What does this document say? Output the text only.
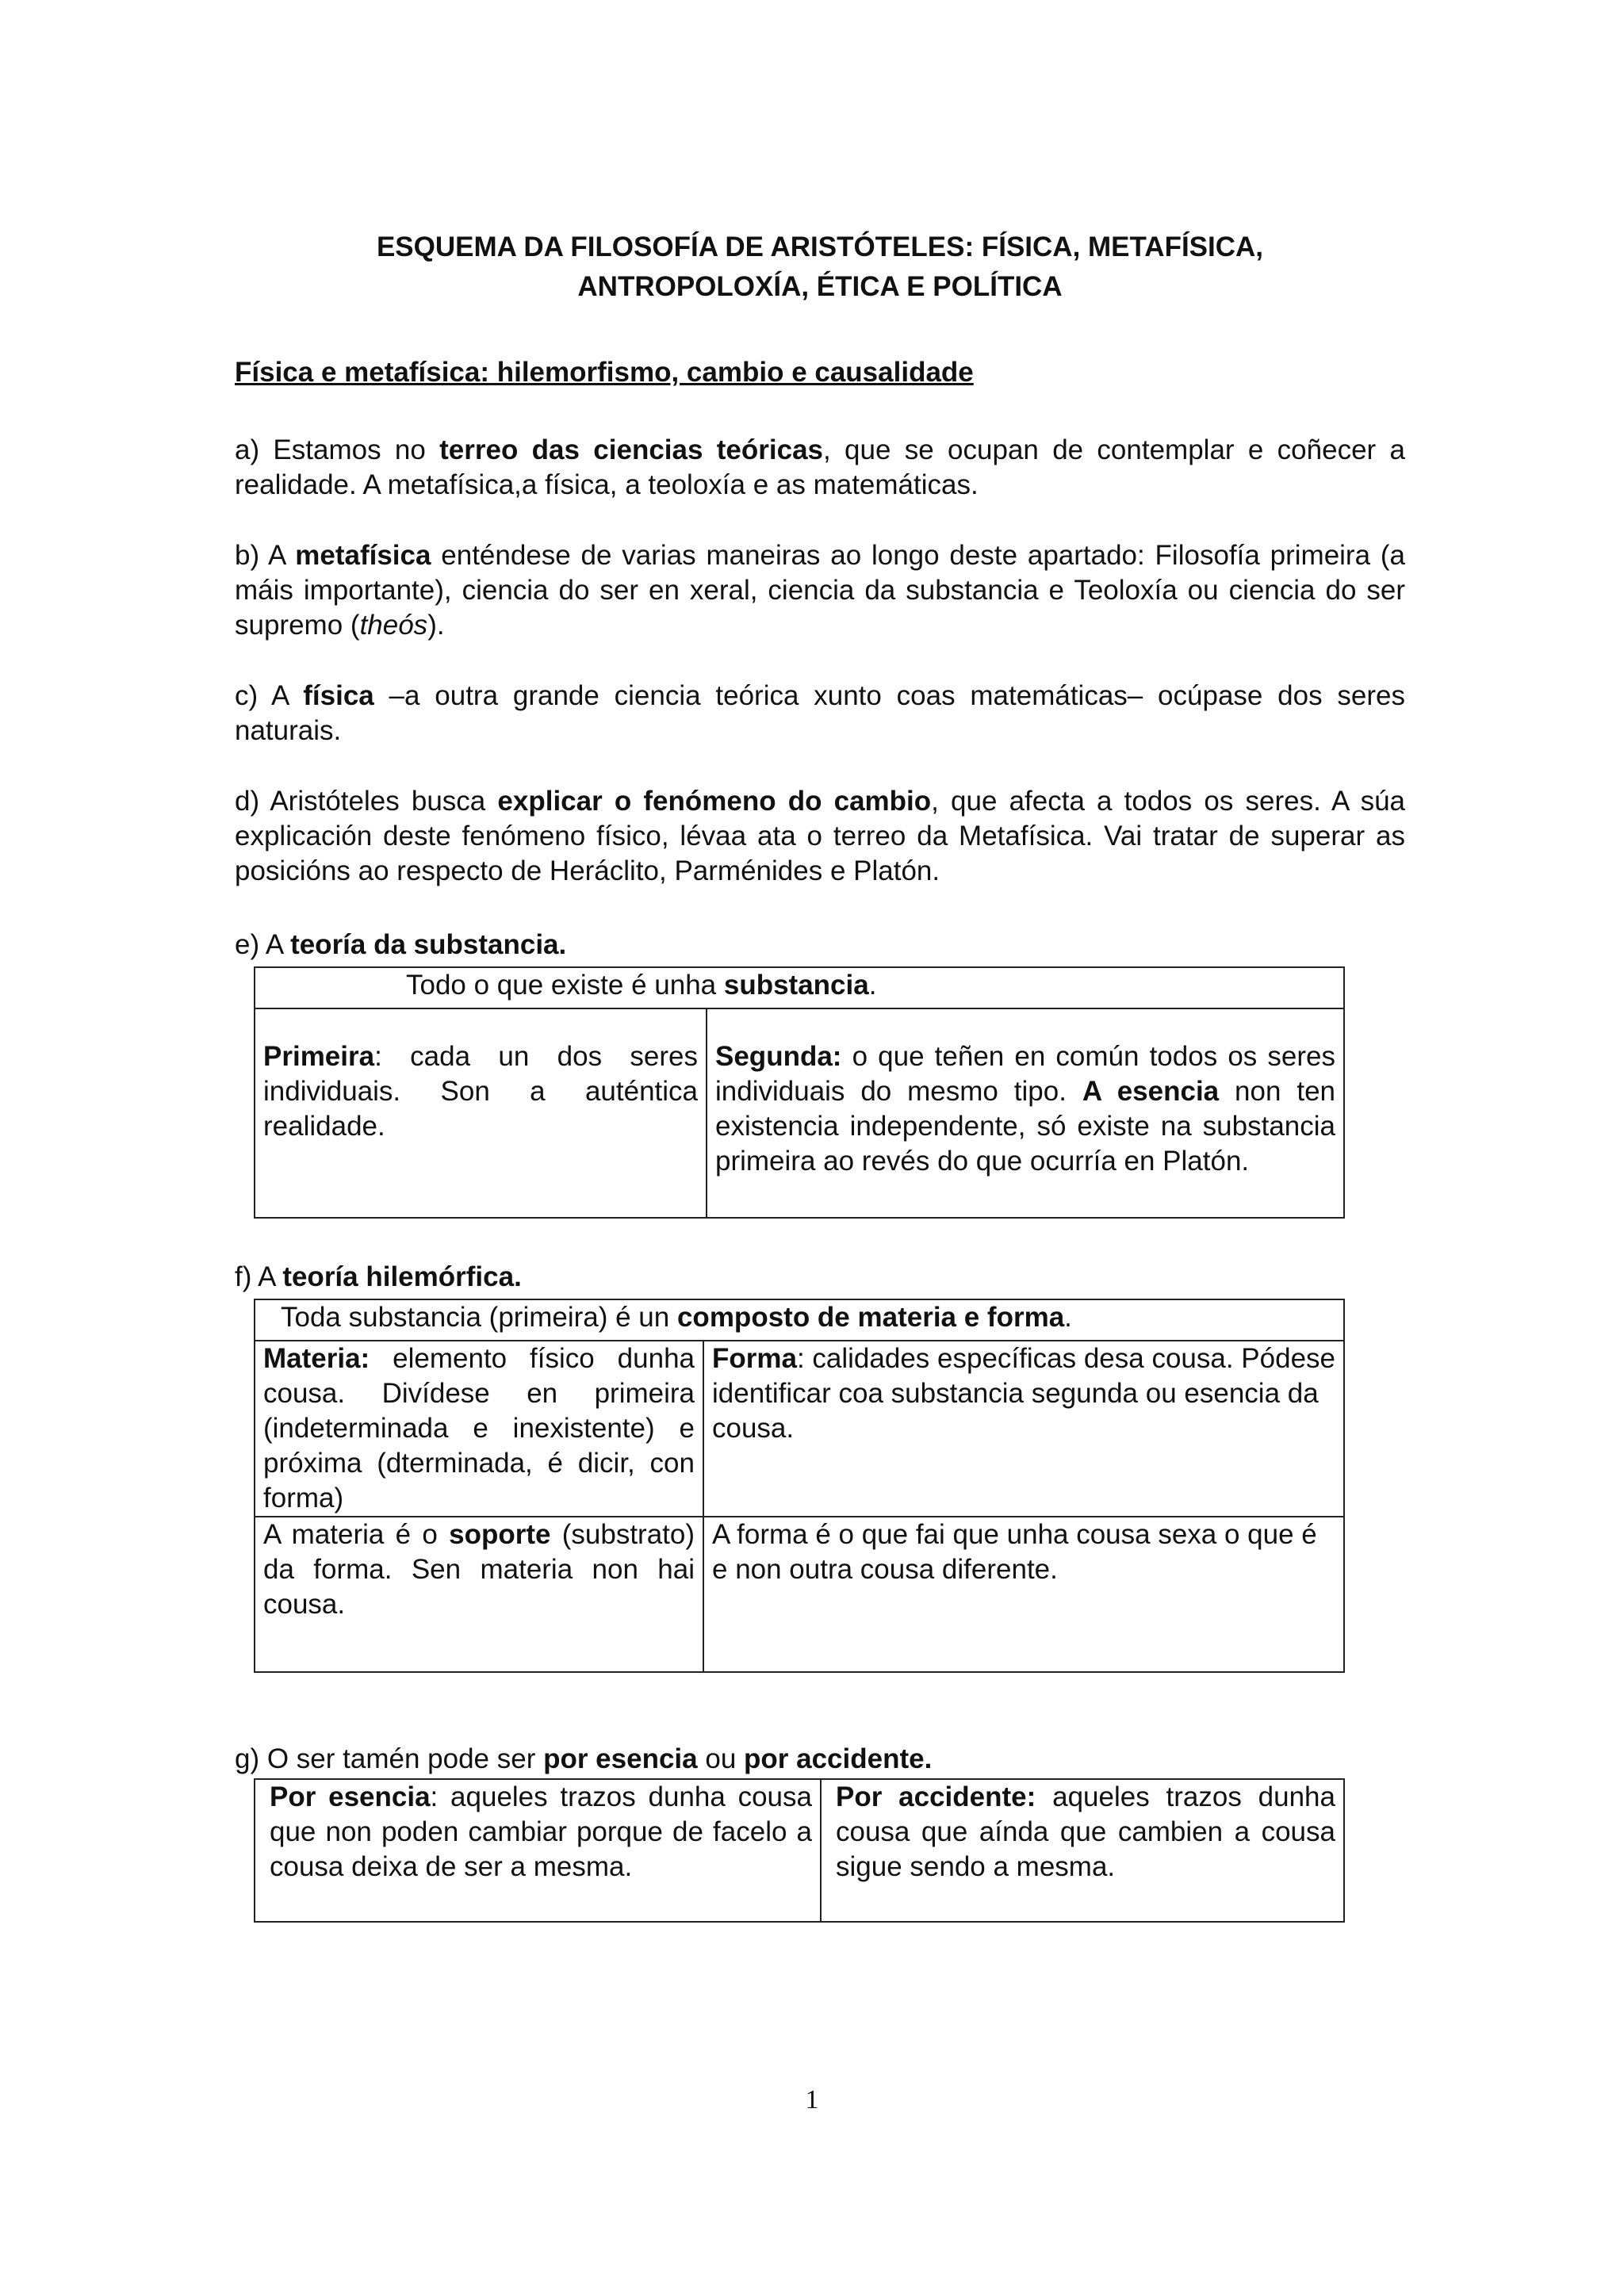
ESQUEMA DA FILOSOFÍA DE ARISTÓTELES: FÍSICA, METAFÍSICA,
ANTROPOLOXÍA, ÉTICA E POLÍTICA
Física e metafísica: hilemorfismo, cambio e causalidade

a) Estamos no terreo das ciencias teóricas, que se ocupan de contemplar e coñecer a realidade. A metafísica,a física, a teoloxía e as matemáticas.

b) A metafísica enténdese de varias maneiras ao longo deste apartado: Filosofía primeira (a máis importante), ciencia do ser en xeral, ciencia da substancia e Teoloxía ou ciencia do ser supremo (theós).

c) A física –a outra grande ciencia teórica xunto coas matemáticas– ocúpase dos seres naturais.

d) Aristóteles busca explicar o fenómeno do cambio, que afecta a todos os seres. A súa explicación deste fenómeno físico, lévaa ata o terreo da Metafísica. Vai tratar de superar as posicións ao respecto de Heráclito, Parménides e Platón.

e) A teoría da substancia.
Todo o que existe é unha substancia.
Primeira: cada un dos seres individuais. Son a auténtica realidade.	Segunda: o que teñen en común todos os seres individuais do mesmo tipo. A esencia non ten existencia independente, só existe na substancia primeira ao revés do que ocurría en Platón.
f) A teoría hilemórfica.
Toda substancia (primeira) é un composto de materia e forma.	
Materia: elemento físico dunha cousa. Divídese en primeira (indeterminada e inexistente) e próxima (dterminada, é dicir, con forma)	Forma: calidades específicas desa cousa. Pódese identificar coa substancia segunda ou esencia da cousa.
A materia é o soporte (substrato) da forma. Sen materia non hai cousa.	A forma é o que fai que unha cousa sexa o que é e non outra cousa diferente.
g) O ser tamén pode ser por esencia ou por accidente.
Por esencia: aqueles trazos dunha cousa que non poden cambiar porque de facelo a cousa deixa de ser a mesma.	Por accidente: aqueles trazos dunha cousa que aínda que cambien a cousa sigue sendo a mesma.
1
